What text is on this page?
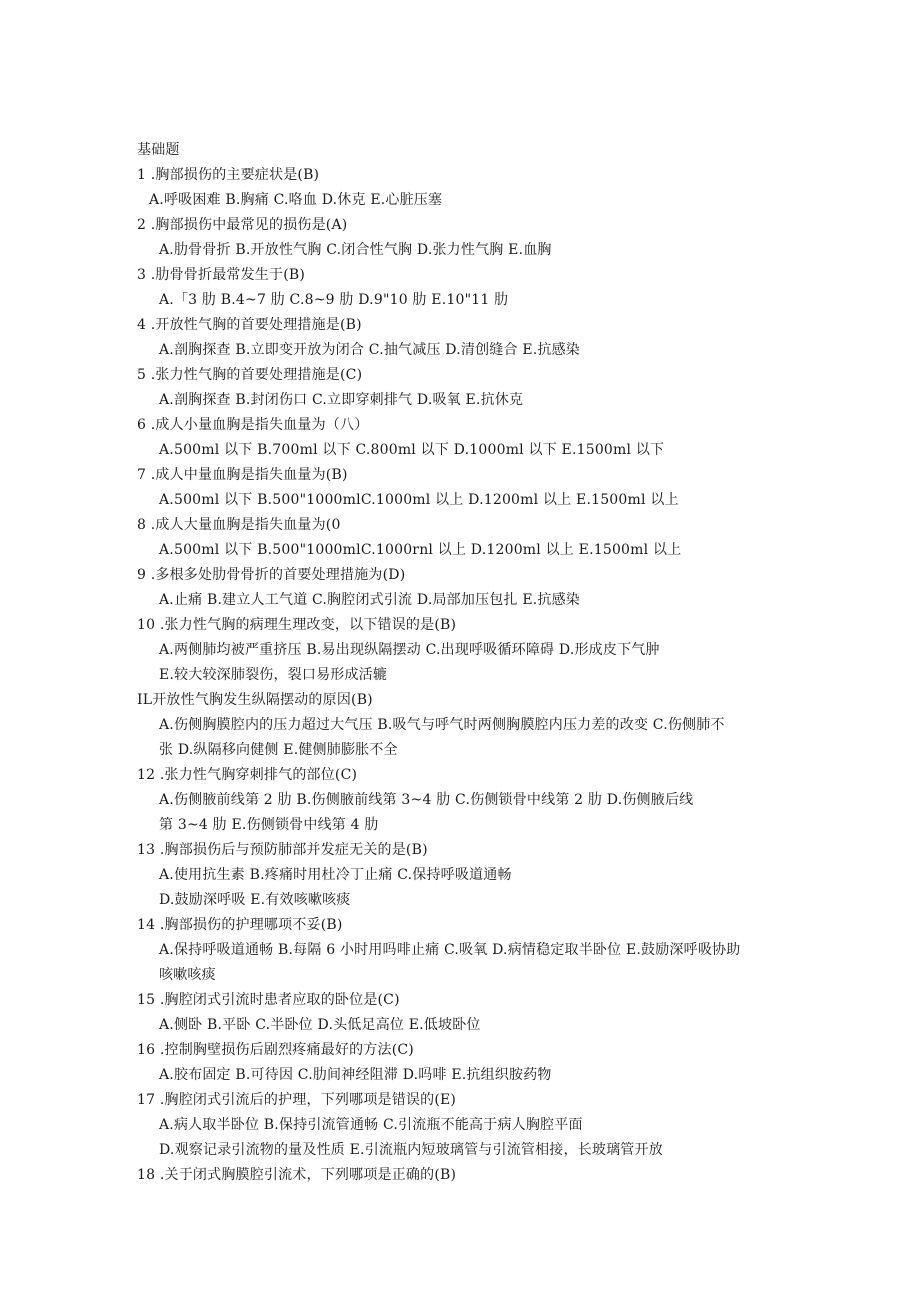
基础题
1 .胸部损伤的主要症状是(B)
A.呼吸困难 B.胸痛 C.咯血 D.休克 E.心脏压塞
2 .胸部损伤中最常见的损伤是(A)
A.肋骨骨折 B.开放性气胸 C.闭合性气胸 D.张力性气胸 E.血胸
3 .肋骨骨折最常发生于(B)
A.「3 肋 B.4~7 肋 C.8~9 肋 D.9"10 肋 E.10"11 肋
4 .开放性气胸的首要处理措施是(B)
A.剖胸探查 B.立即变开放为闭合 C.抽气减压 D.清创缝合 E.抗感染
5 .张力性气胸的首要处理措施是(C)
A.剖胸探查 B.封闭伤口 C.立即穿刺排气 D.吸氧 E.抗休克
6 .成人小量血胸是指失血量为（八）
A.500ml 以下 B.700ml 以下 C.800ml 以下 D.1000ml 以下 E.1500ml 以下
7 .成人中量血胸是指失血量为(B)
A.500ml 以下 B.500"1000mlC.1000ml 以上 D.1200ml 以上 E.1500ml 以上
8 .成人大量血胸是指失血量为(0
A.500ml 以下 B.500"1000mlC.1000rnl 以上 D.1200ml 以上 E.1500ml 以上
9 .多根多处肋骨骨折的首要处理措施为(D)
A.止痛 B.建立人工气道 C.胸腔闭式引流 D.局部加压包扎 E.抗感染
10 .张力性气胸的病理生理改变，以下错误的是(B)
A.两侧肺均被严重挤压 B.易出现纵隔摆动 C.出现呼吸循环障碍 D.形成皮下气肿
E.较大较深肺裂伤，裂口易形成活辘
IL开放性气胸发生纵隔摆动的原因(B)
A.伤侧胸膜腔内的压力超过大气压 B.吸气与呼气时两侧胸膜腔内压力差的改变 C.伤侧肺不
张 D.纵隔移向健侧 E.健侧肺膨胀不全
12 .张力性气胸穿刺排气的部位(C)
A.伤侧腋前线第 2 肋 B.伤侧腋前线第 3~4 肋 C.伤侧锁骨中线第 2 肋 D.伤侧腋后线
第 3~4 肋 E.伤侧锁骨中线第 4 肋
13 .胸部损伤后与预防肺部并发症无关的是(B)
A.使用抗生素 B.疼痛时用杜冷丁止痛 C.保持呼吸道通畅
D.鼓励深呼吸 E.有效咳嗽咳痰
14 .胸部损伤的护理哪项不妥(B)
A.保持呼吸道通畅 B.每隔 6 小时用吗啡止痛 C.吸氧 D.病情稳定取半卧位 E.鼓励深呼吸协助
咳嗽咳痰
15 .胸腔闭式引流时患者应取的卧位是(C)
A.侧卧 B.平卧 C.半卧位 D.头低足高位 E.低坡卧位
16 .控制胸壁损伤后剧烈疼痛最好的方法(C)
A.胶布固定 B.可待因 C.肋间神经阻滞 D.吗啡 E.抗组织胺药物
17 .胸腔闭式引流后的护理，下列哪项是错误的(E)
A.病人取半卧位 B.保持引流管通畅 C.引流瓶不能高于病人胸腔平面
D.观察记录引流物的量及性质 E.引流瓶内短玻璃管与引流管相接，长玻璃管开放
18 .关于闭式胸膜腔引流术，下列哪项是正确的(B)
